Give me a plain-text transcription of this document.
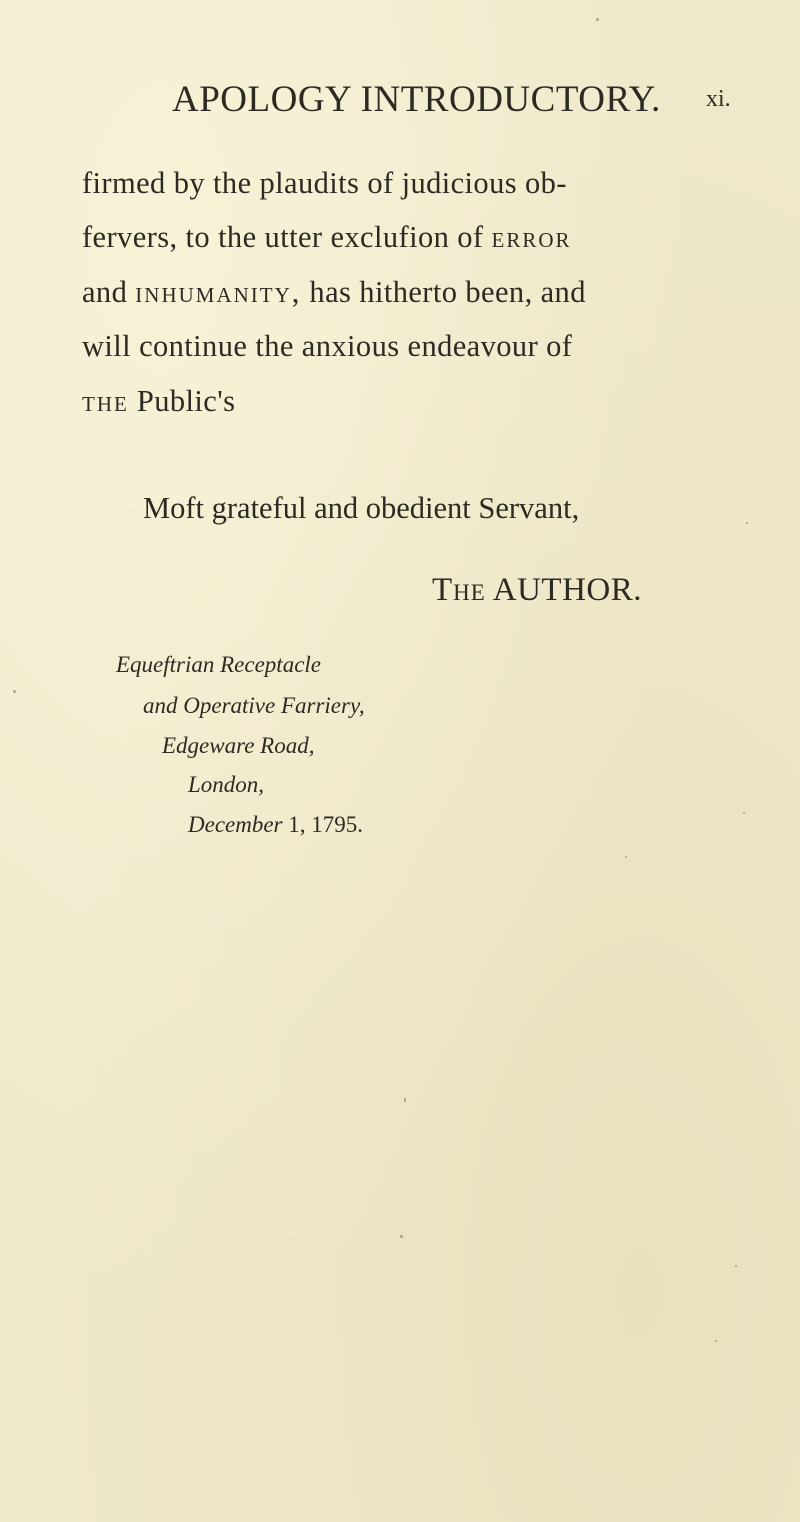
APOLOGY INTRODUCTORY. xi.
firmed by the plaudits of judicious ob-
fervers, to the utter exclufion of error
and inhumanity, has hitherto been, and
will continue the anxious endeavour of
the Public's
Moft grateful and obedient Servant,
The AUTHOR.
Equeftrian Receptacle
and Operative Farriery,
Edgeware Road,
London,
December 1, 1795.
